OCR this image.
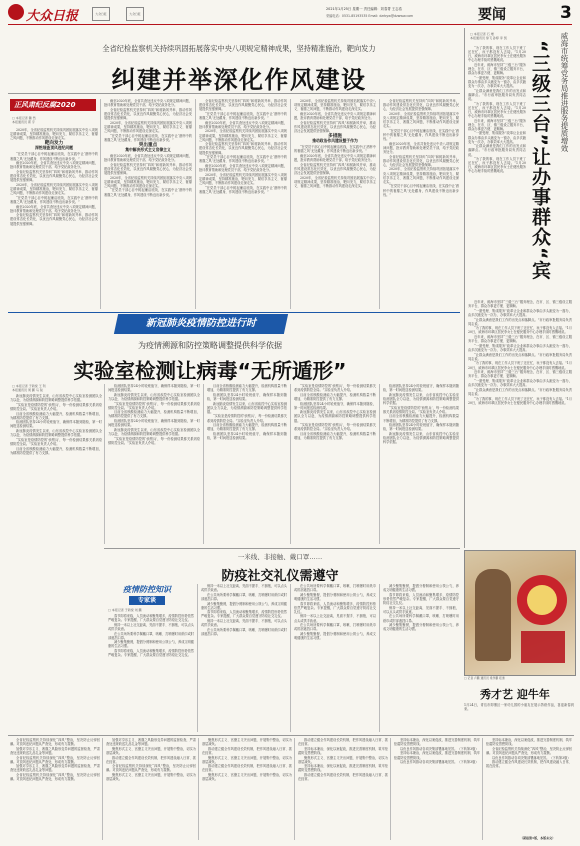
大众日报	大众日报	大众日报
2021年1月25日 星期一 责任编辑：刘春菁 王志浩
采编电话：0531-85193535 Email: dzrbyw@dzwww.com	要闻	3
全省纪检监察机关持续巩固拓展落实中央八项规定精神成果，坚持精准施治，靶向发力
纠建并举深化作风建设
正风肃纪反腐2020
□ 本报记者 魏 然
本报通讯员 郭 宇

2020年，全省纪检监察机关持续巩固拓展落实中央八项规定精神成果，坚持精准施治，靶向发力，紧盯享乐主义、奢靡之风问题，不断推动作风建设走深走实。

靶向发力
深挖细查顶风违纪问题

“在党员干部心目中树起廉洁底线，在实践中让‘酒杯中的奢靡之风’无处藏身，作风建设不断迈出新步伐。”

截至2020年底，全省共查处违反中央八项规定精神问题，批评教育帮助和处理党员干部，给予党纪政务处分。

全省纪检监察机关坚持纠“四风”和树新风并举，推动作风建设常态化长效化，以优良作风凝聚党心民心，为经济社会发展提供坚强保障。

2020年，全省纪检监察机关持续巩固拓展落实中央八项规定精神成果，坚持精准施治，靶向发力，紧盯享乐主义、奢靡之风问题，不断推动作风建设走深走实。

“在党员干部心目中树起廉洁底线，在实践中让‘酒杯中的奢靡之风’无处藏身，作风建设不断迈出新步伐。”

截至2020年底，全省共查处违反中央八项规定精神问题，批评教育帮助和处理党员干部，给予党纪政务处分。

全省纪检监察机关坚持纠“四风”和树新风并举，推动作风建设常态化长效化，以优良作风凝聚党心民心，为经济社会发展提供坚强保障。

截至2020年底，全省共查处违反中央八项规定精神问题，批评教育帮助和处理党员干部，给予党纪政务处分。

全省纪检监察机关坚持纠“四风”和树新风并举，推动作风建设常态化长效化，以优良作风凝聚党心民心，为经济社会发展提供坚强保障。

2020年，全省纪检监察机关持续巩固拓展落实中央八项规定精神成果，坚持精准施治，靶向发力，紧盯享乐主义、奢靡之风问题，不断推动作风建设走深走实。

“在党员干部心目中树起廉洁底线，在实践中让‘酒杯中的奢靡之风’无处藏身，作风建设不断迈出新步伐。”

突出重点
集中解决形式主义官僚主义

截至2020年底，全省共查处违反中央八项规定精神问题，批评教育帮助和处理党员干部，给予党纪政务处分。

全省纪检监察机关坚持纠“四风”和树新风并举，推动作风建设常态化长效化，以优良作风凝聚党心民心，为经济社会发展提供坚强保障。

2020年，全省纪检监察机关持续巩固拓展落实中央八项规定精神成果，坚持精准施治，靶向发力，紧盯享乐主义、奢靡之风问题，不断推动作风建设走深走实。

“在党员干部心目中树起廉洁底线，在实践中让‘酒杯中的奢靡之风’无处藏身，作风建设不断迈出新步伐。”

全省纪检监察机关坚持纠“四风”和树新风并举，推动作风建设常态化长效化，以优良作风凝聚党心民心，为经济社会发展提供坚强保障。

“在党员干部心目中树起廉洁底线，在实践中让‘酒杯中的奢靡之风’无处藏身，作风建设不断迈出新步伐。”

截至2020年底，全省共查处违反中央八项规定精神问题，批评教育帮助和处理党员干部，给予党纪政务处分。

2020年，全省纪检监察机关持续巩固拓展落实中央八项规定精神成果，坚持精准施治，靶向发力，紧盯享乐主义、奢靡之风问题，不断推动作风建设走深走实。

全省纪检监察机关坚持纠“四风”和树新风并举，推动作风建设常态化长效化，以优良作风凝聚党心民心，为经济社会发展提供坚强保障。

“在党员干部心目中树起廉洁底线，在实践中让‘酒杯中的奢靡之风’无处藏身，作风建设不断迈出新步伐。”

截至2020年底，全省共查处违反中央八项规定精神问题，批评教育帮助和处理党员干部，给予党纪政务处分。

2020年，全省纪检监察机关持续巩固拓展落实中央八项规定精神成果，坚持精准施治，靶向发力，紧盯享乐主义、奢靡之风问题，不断推动作风建设走深走实。

“在党员干部心目中树起廉洁底线，在实践中让‘酒杯中的奢靡之风’无处藏身，作风建设不断迈出新步伐。”

2020年，全省纪检监察机关持续巩固拓展落实中央八项规定精神成果，坚持精准施治，靶向发力，紧盯享乐主义、奢靡之风问题，不断推动作风建设走深走实。

截至2020年底，全省共查处违反中央八项规定精神问题，批评教育帮助和处理党员干部，给予党纪政务处分。

全省纪检监察机关坚持纠“四风”和树新风并举，推动作风建设常态化长效化，以优良作风凝聚党心民心，为经济社会发展提供坚强保障。

多措施
推动政治作风建设整于作为

“在党员干部心目中树起廉洁底线，在实践中让‘酒杯中的奢靡之风’无处藏身，作风建设不断迈出新步伐。”

截至2020年底，全省共查处违反中央八项规定精神问题，批评教育帮助和处理党员干部，给予党纪政务处分。

全省纪检监察机关坚持纠“四风”和树新风并举，推动作风建设常态化长效化，以优良作风凝聚党心民心，为经济社会发展提供坚强保障。

2020年，全省纪检监察机关持续巩固拓展落实中央八项规定精神成果，坚持精准施治，靶向发力，紧盯享乐主义、奢靡之风问题，不断推动作风建设走深走实。

全省纪检监察机关坚持纠“四风”和树新风并举，推动作风建设常态化长效化，以优良作风凝聚党心民心，为经济社会发展提供坚强保障。

2020年，全省纪检监察机关持续巩固拓展落实中央八项规定精神成果，坚持精准施治，靶向发力，紧盯享乐主义、奢靡之风问题，不断推动作风建设走深走实。

“在党员干部心目中树起廉洁底线，在实践中让‘酒杯中的奢靡之风’无处藏身，作风建设不断迈出新步伐。”

截至2020年底，全省共查处违反中央八项规定精神问题，批评教育帮助和处理党员干部，给予党纪政务处分。

全省纪检监察机关坚持纠“四风”和树新风并举，推动作风建设常态化长效化，以优良作风凝聚党心民心，为经济社会发展提供坚强保障。

2020年，全省纪检监察机关持续巩固拓展落实中央八项规定精神成果，坚持精准施治，靶向发力，紧盯享乐主义、奢靡之风问题，不断推动作风建设走深走实。

“在党员干部心目中树起廉洁底线，在实践中让‘酒杯中的奢靡之风’无处藏身，作风建设不断迈出新步伐。”

威海市统筹党务局推进服务提质增效
“三级三台”让办事群众“宾
□ 本报记者 石 增
本报通讯员 徐飞 孙婷 李 凯

“为了我的事，现在工作人员下班了还在忙，孩子都没有人去接。”1月20日，威海市环翠区居民李女士在便民服务中心办理手续时感慨地说。

近年来，威海市坚持“三级三台”服务理念，在市、区、镇三级设立服务平台，群众办事更方便、更顺畅。

“一窗受理、集成服务”改革让企业和群众办事由多头跑变为一窗办，由多次跑变为一次办，办事效率大大提高。

“让群众满意是我们工作的出发点和落脚点。”市行政审批服务局负责同志说。

“为了我的事，现在工作人员下班了还在忙，孩子都没有人去接。”1月20日，威海市环翠区居民李女士在便民服务中心办理手续时感慨地说。

近年来，威海市坚持“三级三台”服务理念，在市、区、镇三级设立服务平台，群众办事更方便、更顺畅。

“一窗受理、集成服务”改革让企业和群众办事由多头跑变为一窗办，由多次跑变为一次办，办事效率大大提高。

“让群众满意是我们工作的出发点和落脚点。”市行政审批服务局负责同志说。

“为了我的事，现在工作人员下班了还在忙，孩子都没有人去接。”1月20日，威海市环翠区居民李女士在便民服务中心办理手续时感慨地说。

近年来，威海市坚持“三级三台”服务理念，在市、区、镇三级设立服务平台，群众办事更方便、更顺畅。

“一窗受理、集成服务”改革让企业和群众办事由多头跑变为一窗办，由多次跑变为一次办，办事效率大大提高。

“让群众满意是我们工作的出发点和落脚点。”市行政审批服务局负责同志说。

“为了我的事，现在工作人员下班了还在忙，孩子都没有人去接。”1月20日，威海市环翠区居民李女士在便民服务中心办理手续时感慨地说。

近年来，威海市坚持“三级三台”服务理念，在市、区、镇三级设立服务平台，群众办事更方便、更顺畅。

“一窗受理、集成服务”改革让企业和群众办事由多头跑变为一窗办，由多次跑变为一次办，办事效率大大提高。

“让群众满意是我们工作的出发点和落脚点。”市行政审批服务局负责同志说。

“为了我的事，现在工作人员下班了还在忙，孩子都没有人去接。”1月20日，威海市环翠区居民李女士在便民服务中心办理手续时感慨地说。

近年来，威海市坚持“三级三台”服务理念，在市、区、镇三级设立服务平台，群众办事更方便、更顺畅。

“一窗受理、集成服务”改革让企业和群众办事由多头跑变为一窗办，由多次跑变为一次办，办事效率大大提高。

“让群众满意是我们工作的出发点和落脚点。”市行政审批服务局负责同志说。

“为了我的事，现在工作人员下班了还在忙，孩子都没有人去接。”1月20日，威海市环翠区居民李女士在便民服务中心办理手续时感慨地说。

新冠肺炎疫情防控进行时
为疫情溯源和防控策略调整提供科学依据
实验室检测让病毒“无所遁形”
□ 本报记者 于新悦 王 利
本报通讯员 周 鹏 马 锐

新冠肺炎疫情发生以来，山东省疾控中心实验室检测团队全力以赴，为疫情溯源和防控策略调整提供科学依据。

“实验室是疫情防控的‘侦察兵’，每一份检测结果都关系到疫情防控全局。”实验室负责人介绍。

目前全省核酸检测能力大幅提升，检测机构数量不断增加，为精准防控提供了有力支撑。

检测团队坚持24小时轮班值守，确保样本随到随检，第一时间报送检测结果。

新冠肺炎疫情发生以来，山东省疾控中心实验室检测团队全力以赴，为疫情溯源和防控策略调整提供科学依据。

“实验室是疫情防控的‘侦察兵’，每一份检测结果都关系到疫情防控全局。”实验室负责人介绍。

目前全省核酸检测能力大幅提升，检测机构数量不断增加，为精准防控提供了有力支撑。

检测团队坚持24小时轮班值守，确保样本随到随检，第一时间报送检测结果。

新冠肺炎疫情发生以来，山东省疾控中心实验室检测团队全力以赴，为疫情溯源和防控策略调整提供科学依据。

“实验室是疫情防控的‘侦察兵’，每一份检测结果都关系到疫情防控全局。”实验室负责人介绍。

目前全省核酸检测能力大幅提升，检测机构数量不断增加，为精准防控提供了有力支撑。

检测团队坚持24小时轮班值守，确保样本随到随检，第一时间报送检测结果。

新冠肺炎疫情发生以来，山东省疾控中心实验室检测团队全力以赴，为疫情溯源和防控策略调整提供科学依据。

“实验室是疫情防控的‘侦察兵’，每一份检测结果都关系到疫情防控全局。”实验室负责人介绍。

目前全省核酸检测能力大幅提升，检测机构数量不断增加，为精准防控提供了有力支撑。

检测团队坚持24小时轮班值守，确保样本随到随检，第一时间报送检测结果。

新冠肺炎疫情发生以来，山东省疾控中心实验室检测团队全力以赴，为疫情溯源和防控策略调整提供科学依据。

“实验室是疫情防控的‘侦察兵’，每一份检测结果都关系到疫情防控全局。”实验室负责人介绍。

目前全省核酸检测能力大幅提升，检测机构数量不断增加，为精准防控提供了有力支撑。

检测团队坚持24小时轮班值守，确保样本随到随检，第一时间报送检测结果。

“实验室是疫情防控的‘侦察兵’，每一份检测结果都关系到疫情防控全局。”实验室负责人介绍。

目前全省核酸检测能力大幅提升，检测机构数量不断增加，为精准防控提供了有力支撑。

检测团队坚持24小时轮班值守，确保样本随到随检，第一时间报送检测结果。

新冠肺炎疫情发生以来，山东省疾控中心实验室检测团队全力以赴，为疫情溯源和防控策略调整提供科学依据。

“实验室是疫情防控的‘侦察兵’，每一份检测结果都关系到疫情防控全局。”实验室负责人介绍。

目前全省核酸检测能力大幅提升，检测机构数量不断增加，为精准防控提供了有力支撑。

检测团队坚持24小时轮班值守，确保样本随到随检，第一时间报送检测结果。

新冠肺炎疫情发生以来，山东省疾控中心实验室检测团队全力以赴，为疫情溯源和防控策略调整提供科学依据。

“实验室是疫情防控的‘侦察兵’，每一份检测结果都关系到疫情防控全局。”实验室负责人介绍。

目前全省核酸检测能力大幅提升，检测机构数量不断增加，为精准防控提供了有力支撑。

检测团队坚持24小时轮班值守，确保样本随到随检，第一时间报送检测结果。

新冠肺炎疫情发生以来，山东省疾控中心实验室检测团队全力以赴，为疫情溯源和防控策略调整提供科学依据。

一米线、非接触、戴口罩……
防疫社交礼仪需遵守
疫情防控知识
专家谈
□ 本报记者 于新悦 刘 鹏

春节即将来临，人员流动和聚集增多，疫情防控形势依然严峻复杂。专家提醒，广大群众要自觉遵守防疫社交礼仪。

保持一米以上社交距离，见面不握手、不拥抱，可以点头或拱手致意。

在公共场所要科学佩戴口罩，咳嗽、打喷嚏时用纸巾或肘部遮挡口鼻。

减少聚集聚餐，提倡分餐制和使用公筷公勺，养成文明健康的生活习惯。

春节即将来临，人员流动和聚集增多，疫情防控形势依然严峻复杂。专家提醒，广大群众要自觉遵守防疫社交礼仪。

保持一米以上社交距离，见面不握手、不拥抱，可以点头或拱手致意。

在公共场所要科学佩戴口罩，咳嗽、打喷嚏时用纸巾或肘部遮挡口鼻。

减少聚集聚餐，提倡分餐制和使用公筷公勺，养成文明健康的生活习惯。

春节即将来临，人员流动和聚集增多，疫情防控形势依然严峻复杂。专家提醒，广大群众要自觉遵守防疫社交礼仪。

保持一米以上社交距离，见面不握手、不拥抱，可以点头或拱手致意。

在公共场所要科学佩戴口罩，咳嗽、打喷嚏时用纸巾或肘部遮挡口鼻。

在公共场所要科学佩戴口罩，咳嗽、打喷嚏时用纸巾或肘部遮挡口鼻。

减少聚集聚餐，提倡分餐制和使用公筷公勺，养成文明健康的生活习惯。

春节即将来临，人员流动和聚集增多，疫情防控形势依然严峻复杂。专家提醒，广大群众要自觉遵守防疫社交礼仪。

保持一米以上社交距离，见面不握手、不拥抱，可以点头或拱手致意。

在公共场所要科学佩戴口罩，咳嗽、打喷嚏时用纸巾或肘部遮挡口鼻。

减少聚集聚餐，提倡分餐制和使用公筷公勺，养成文明健康的生活习惯。

减少聚集聚餐，提倡分餐制和使用公筷公勺，养成文明健康的生活习惯。

春节即将来临，人员流动和聚集增多，疫情防控形势依然严峻复杂。专家提醒，广大群众要自觉遵守防疫社交礼仪。

保持一米以上社交距离，见面不握手、不拥抱，可以点头或拱手致意。

在公共场所要科学佩戴口罩，咳嗽、打喷嚏时用纸巾或肘部遮挡口鼻。

减少聚集聚餐，提倡分餐制和使用公筷公勺，养成文明健康的生活习惯。

□ 记者 卢鹏 通讯员 梁孝鹏 报道
秀才艺 迎牛年
1月24日，青岛市即墨区一家幼儿园的小朋友在展示剪纸作品，喜迎新春到来。

全省纪检监察机关持续深化“四风”整治，坚决防止反弹回潮。对顶风违纪问题从严查处，形成有力震慑。

加强对享乐主义、奢靡之风隐形变异问题的监督检查，严肃查处违规收送礼品礼金等问题。

全省纪检监察机关持续深化“四风”整治，坚决防止反弹回潮。对顶风违纪问题从严查处，形成有力震慑。

加强对享乐主义、奢靡之风隐形变异问题的监督检查，严肃查处违规收送礼品礼金等问题。

全省纪检监察机关持续深化“四风”整治，坚决防止反弹回潮。对顶风违纪问题从严查处，形成有力震慑。

加强对享乐主义、奢靡之风隐形变异问题的监督检查，严肃查处违规收送礼品礼金等问题。

聚焦形式主义、官僚主义突出问题，开展集中整治，切实为基层减负。

推动建立健全作风建设长效机制，把作风建设融入日常、抓在经常。

全省纪检监察机关持续深化“四风”整治，坚决防止反弹回潮。对顶风违纪问题从严查处，形成有力震慑。

聚焦形式主义、官僚主义突出问题，开展集中整治，切实为基层减负。

聚焦形式主义、官僚主义突出问题，开展集中整治，切实为基层减负。

推动建立健全作风建设长效机制，把作风建设融入日常、抓在经常。

聚焦形式主义、官僚主义突出问题，开展集中整治，切实为基层减负。

推动建立健全作风建设长效机制，把作风建设融入日常、抓在经常。

聚焦形式主义、官僚主义突出问题，开展集中整治，切实为基层减负。

推动建立健全作风建设长效机制，把作风建设融入日常、抓在经常。

坚持标本兼治，深化以案促改，推进完善制度机制，筑牢拒腐防变思想防线。

聚焦形式主义、官僚主义突出问题，开展集中整治，切实为基层减负。

坚持标本兼治，深化以案促改，推进完善制度机制，筑牢拒腐防变思想防线。

推动建立健全作风建设长效机制，把作风建设融入日常、抓在经常。

坚持标本兼治，深化以案促改，推进完善制度机制，筑牢拒腐防变思想防线。

以优良作风推动各项决策部署落地见效。（下转第3版）

坚持标本兼治，深化以案促改，推进完善制度机制，筑牢拒腐防变思想防线。

以优良作风推动各项决策部署落地见效。（下转第3版）

坚持标本兼治，深化以案促改，推进完善制度机制，筑牢拒腐防变思想防线。

全省纪检监察机关持续深化“四风”整治，坚决防止反弹回潮。对顶风违纪问题从严查处，形成有力震慑。

以优良作风推动各项决策部署落地见效。（下转第3版）

推动建立健全作风建设长效机制，把作风建设融入日常、抓在经常。

（紧接第1版，本版未完）
